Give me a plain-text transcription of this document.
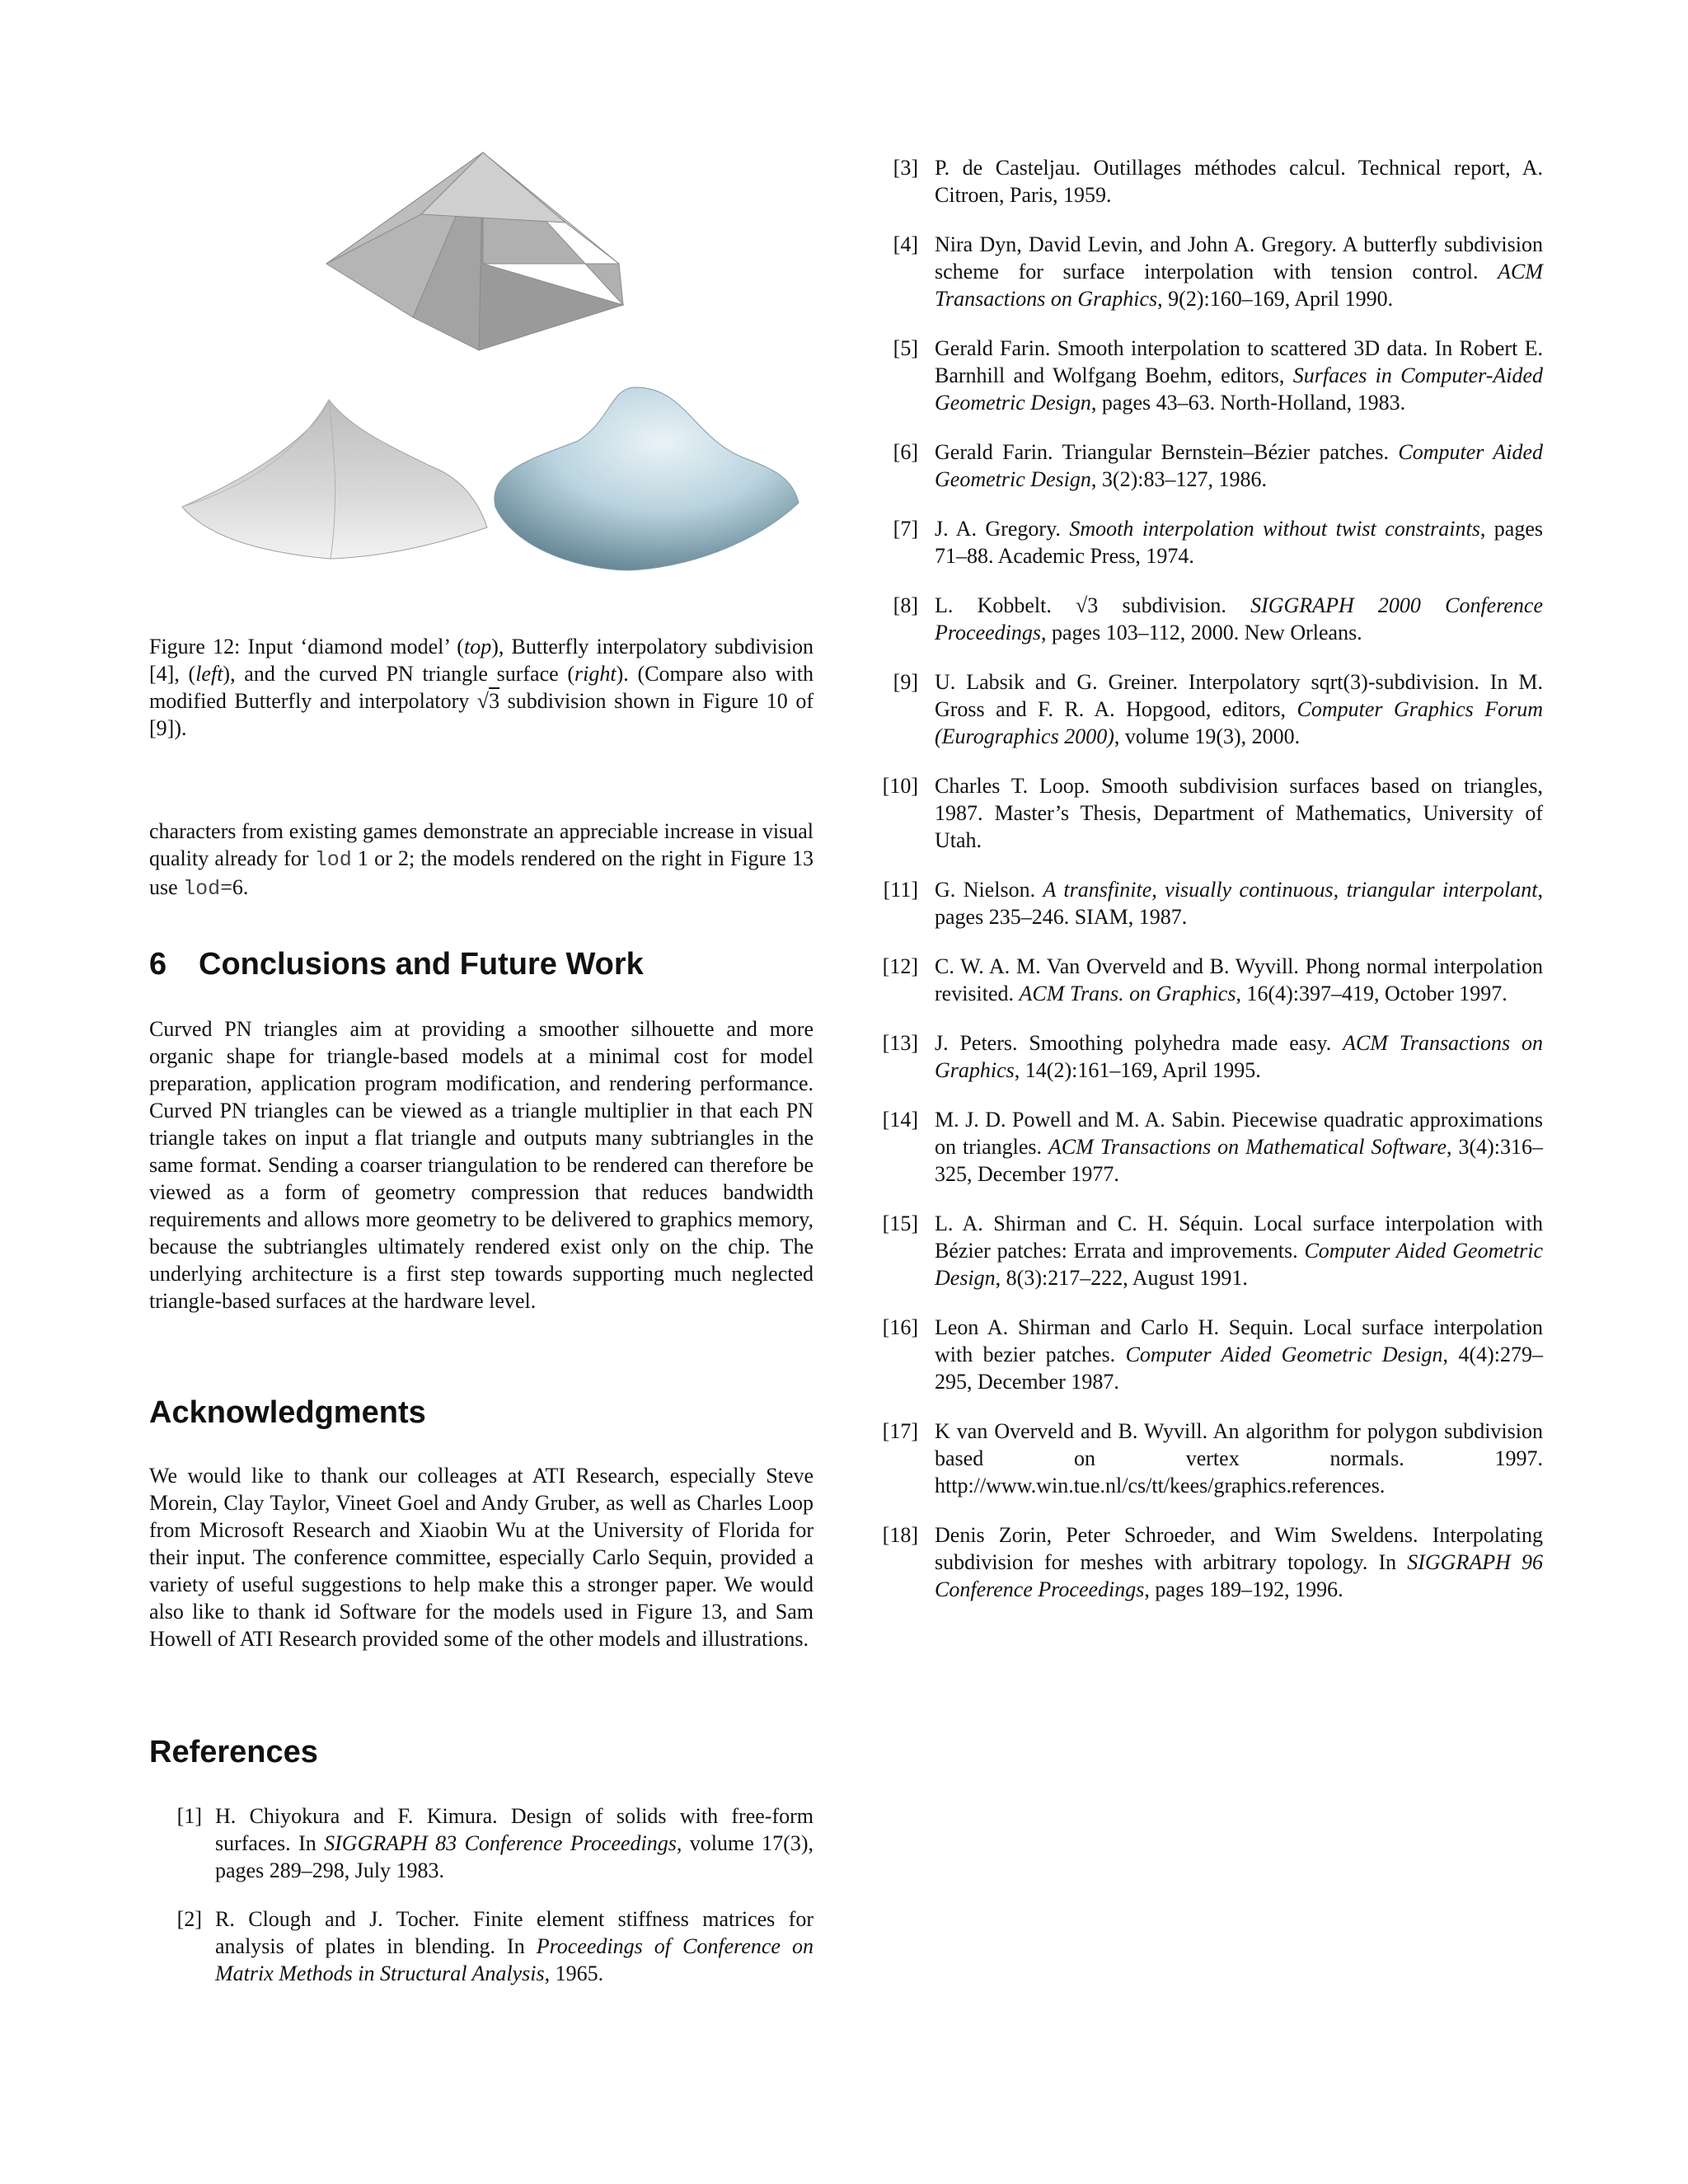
Figure 12: Input ‘diamond model’ (top), Butterfly interpolatory subdivision [4], (left), and the curved PN triangle surface (right). (Compare also with modified Butterfly and interpolatory √3 subdivision shown in Figure 10 of [9]).

characters from existing games demonstrate an appreciable increase in visual quality already for lod 1 or 2; the models rendered on the right in Figure 13 use lod=6.

6 Conclusions and Future Work

Curved PN triangles aim at providing a smoother silhouette and more organic shape for triangle-based models at a minimal cost for model preparation, application program modification, and rendering performance. Curved PN triangles can be viewed as a triangle multiplier in that each PN triangle takes on input a flat triangle and outputs many subtriangles in the same format. Sending a coarser triangulation to be rendered can therefore be viewed as a form of geometry compression that reduces bandwidth requirements and allows more geometry to be delivered to graphics memory, because the subtriangles ultimately rendered exist only on the chip. The underlying architecture is a first step towards supporting much neglected triangle-based surfaces at the hardware level.

Acknowledgments

We would like to thank our colleages at ATI Research, especially Steve Morein, Clay Taylor, Vineet Goel and Andy Gruber, as well as Charles Loop from Microsoft Research and Xiaobin Wu at the University of Florida for their input. The conference committee, especially Carlo Sequin, provided a variety of useful suggestions to help make this a stronger paper. We would also like to thank id Software for the models used in Figure 13, and Sam Howell of ATI Research provided some of the other models and illustrations.

References
[1] H. Chiyokura and F. Kimura. Design of solids with free-form surfaces. In SIGGRAPH 83 Conference Proceedings, volume 17(3), pages 289–298, July 1983.
[2] R. Clough and J. Tocher. Finite element stiffness matrices for analysis of plates in blending. In Proceedings of Conference on Matrix Methods in Structural Analysis, 1965.
[3] P. de Casteljau. Outillages méthodes calcul. Technical report, A. Citroen, Paris, 1959.
[4] Nira Dyn, David Levin, and John A. Gregory. A butterfly subdivision scheme for surface interpolation with tension control. ACM Transactions on Graphics, 9(2):160–169, April 1990.
[5] Gerald Farin. Smooth interpolation to scattered 3D data. In Robert E. Barnhill and Wolfgang Boehm, editors, Surfaces in Computer-Aided Geometric Design, pages 43–63. North-Holland, 1983.
[6] Gerald Farin. Triangular Bernstein–Bézier patches. Computer Aided Geometric Design, 3(2):83–127, 1986.
[7] J. A. Gregory. Smooth interpolation without twist constraints, pages 71–88. Academic Press, 1974.
[8] L. Kobbelt. √3 subdivision. SIGGRAPH 2000 Conference Proceedings, pages 103–112, 2000. New Orleans.
[9] U. Labsik and G. Greiner. Interpolatory sqrt(3)-subdivision. In M. Gross and F. R. A. Hopgood, editors, Computer Graphics Forum (Eurographics 2000), volume 19(3), 2000.
[10] Charles T. Loop. Smooth subdivision surfaces based on triangles, 1987. Master’s Thesis, Department of Mathematics, University of Utah.
[11] G. Nielson. A transfinite, visually continuous, triangular interpolant, pages 235–246. SIAM, 1987.
[12] C. W. A. M. Van Overveld and B. Wyvill. Phong normal interpolation revisited. ACM Trans. on Graphics, 16(4):397–419, October 1997.
[13] J. Peters. Smoothing polyhedra made easy. ACM Transactions on Graphics, 14(2):161–169, April 1995.
[14] M. J. D. Powell and M. A. Sabin. Piecewise quadratic approximations on triangles. ACM Transactions on Mathematical Software, 3(4):316–325, December 1977.
[15] L. A. Shirman and C. H. Séquin. Local surface interpolation with Bézier patches: Errata and improvements. Computer Aided Geometric Design, 8(3):217–222, August 1991.
[16] Leon A. Shirman and Carlo H. Sequin. Local surface interpolation with bezier patches. Computer Aided Geometric Design, 4(4):279–295, December 1987.
[17] K van Overveld and B. Wyvill. An algorithm for polygon subdivision based on vertex normals. 1997. http://www.win.tue.nl/cs/tt/kees/graphics.references.
[18] Denis Zorin, Peter Schroeder, and Wim Sweldens. Interpolating subdivision for meshes with arbitrary topology. In SIGGRAPH 96 Conference Proceedings, pages 189–192, 1996.
